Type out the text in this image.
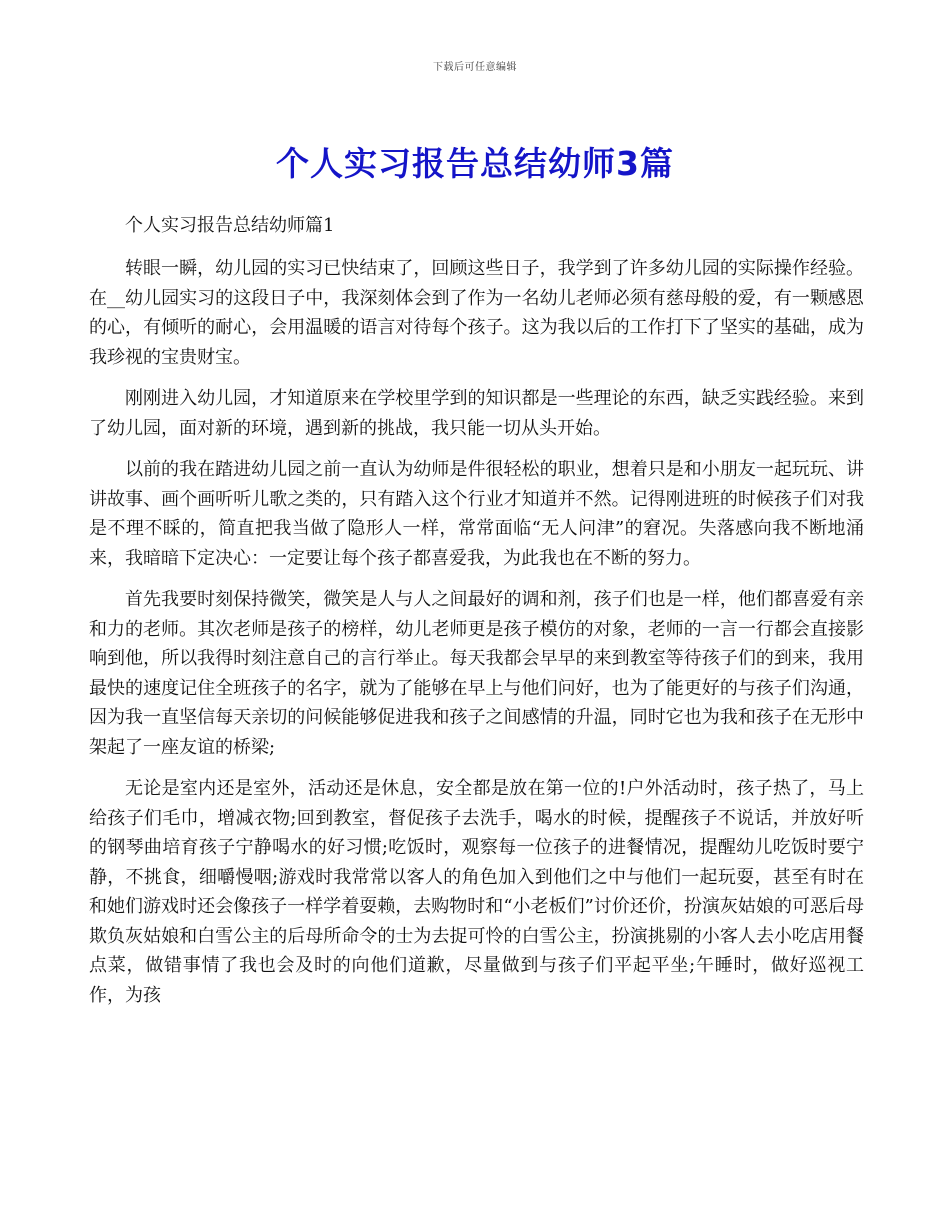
下载后可任意编辑
个人实习报告总结幼师3篇

个人实习报告总结幼师篇1

转眼一瞬，幼儿园的实习已快结束了，回顾这些日子，我学到了许多幼儿园的实际操作经验。在__幼儿园实习的这段日子中，我深刻体会到了作为一名幼儿老师必须有慈母般的爱，有一颗感恩的心，有倾听的耐心，会用温暖的语言对待每个孩子。这为我以后的工作打下了坚实的基础，成为我珍视的宝贵财宝。

刚刚进入幼儿园，才知道原来在学校里学到的知识都是一些理论的东西，缺乏实践经验。来到了幼儿园，面对新的环境，遇到新的挑战，我只能一切从头开始。

以前的我在踏进幼儿园之前一直认为幼师是件很轻松的职业，想着只是和小朋友一起玩玩、讲讲故事、画个画听听儿歌之类的，只有踏入这个行业才知道并不然。记得刚进班的时候孩子们对我是不理不睬的，简直把我当做了隐形人一样，常常面临“无人问津”的窘况。失落感向我不断地涌来，我暗暗下定决心：一定要让每个孩子都喜爱我，为此我也在不断的努力。

首先我要时刻保持微笑，微笑是人与人之间最好的调和剂，孩子们也是一样，他们都喜爱有亲和力的老师。其次老师是孩子的榜样，幼儿老师更是孩子模仿的对象，老师的一言一行都会直接影响到他，所以我得时刻注意自己的言行举止。每天我都会早早的来到教室等待孩子们的到来，我用最快的速度记住全班孩子的名字，就为了能够在早上与他们问好，也为了能更好的与孩子们沟通，因为我一直坚信每天亲切的问候能够促进我和孩子之间感情的升温，同时它也为我和孩子在无形中架起了一座友谊的桥梁;

无论是室内还是室外，活动还是休息，安全都是放在第一位的!户外活动时，孩子热了，马上给孩子们毛巾，增减衣物;回到教室，督促孩子去洗手，喝水的时候，提醒孩子不说话，并放好听的钢琴曲培育孩子宁静喝水的好习惯;吃饭时，观察每一位孩子的进餐情况，提醒幼儿吃饭时要宁静，不挑食，细嚼慢咽;游戏时我常常以客人的角色加入到他们之中与他们一起玩耍，甚至有时在和她们游戏时还会像孩子一样学着耍赖，去购物时和“小老板们”讨价还价，扮演灰姑娘的可恶后母欺负灰姑娘和白雪公主的后母所命令的士为去捉可怜的白雪公主，扮演挑剔的小客人去小吃店用餐点菜，做错事情了我也会及时的向他们道歉，尽量做到与孩子们平起平坐;午睡时，做好巡视工作，为孩
